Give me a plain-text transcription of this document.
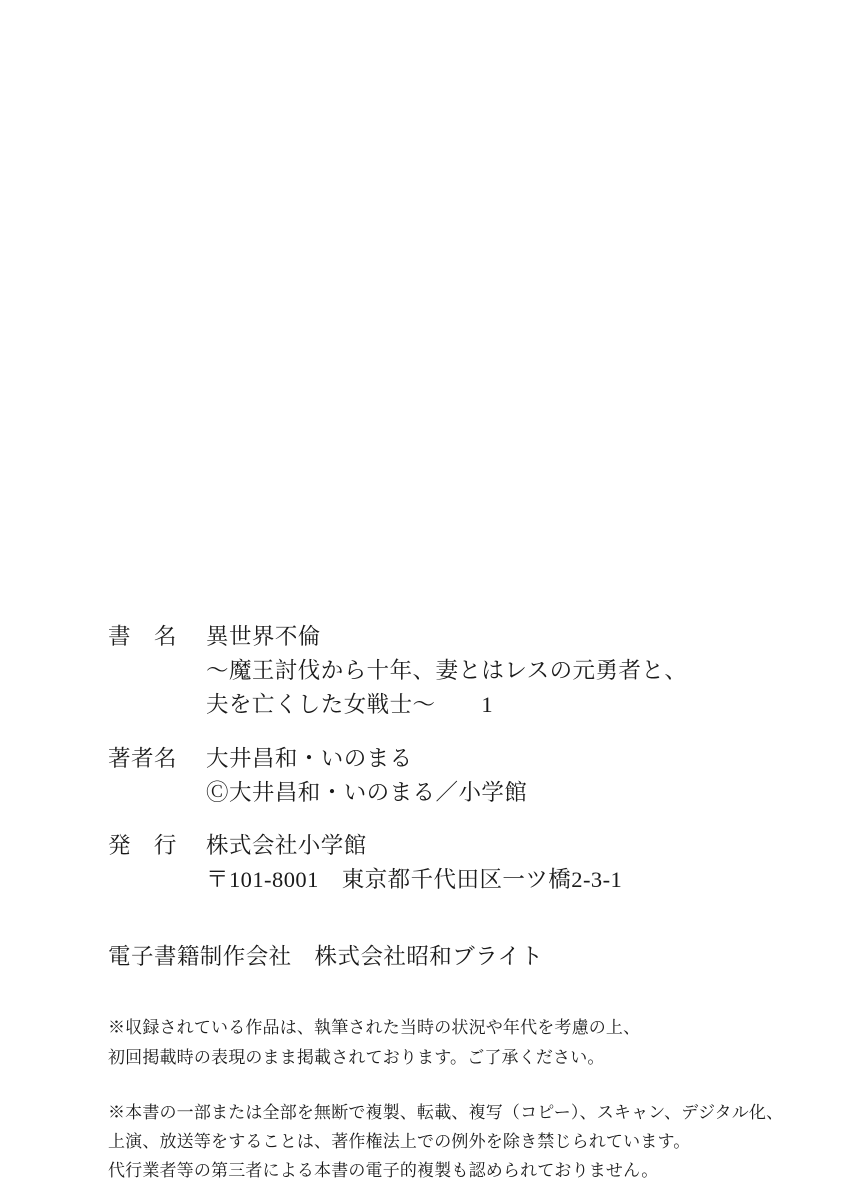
書　名	異世界不倫
〜魔王討伐から十年、妻とはレスの元勇者と、
夫を亡くした女戦士〜　　1
著者名	大井昌和・いのまる
Ⓒ大井昌和・いのまる／小学館
発　行	株式会社小学館
〒101‐8001　東京都千代田区一ツ橋2‐3‐1
電子書籍制作会社　株式会社昭和ブライト
※収録されている作品は、執筆された当時の状況や年代を考慮の上、
初回掲載時の表現のまま掲載されております。ご了承ください。
※本書の一部または全部を無断で複製、転載、複写（コピー）、スキャン、デジタル化、
上演、放送等をすることは、著作権法上での例外を除き禁じられています。
代行業者等の第三者による本書の電子的複製も認められておりません。
